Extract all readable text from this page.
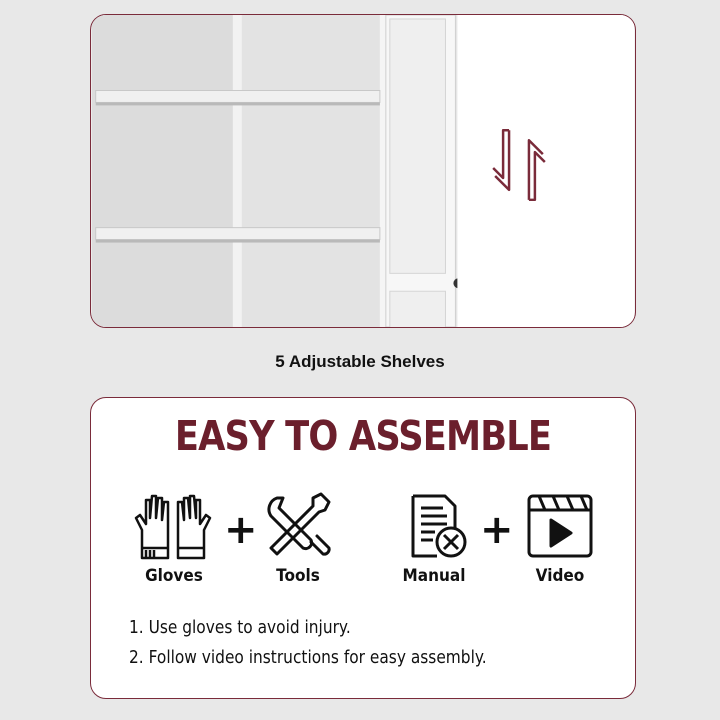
5 Adjustable Shelves
EASY TO ASSEMBLE
Gloves
+
Tools	Manual
+
Video
1. Use gloves to avoid injury.
2. Follow video instructions for easy assembly.
